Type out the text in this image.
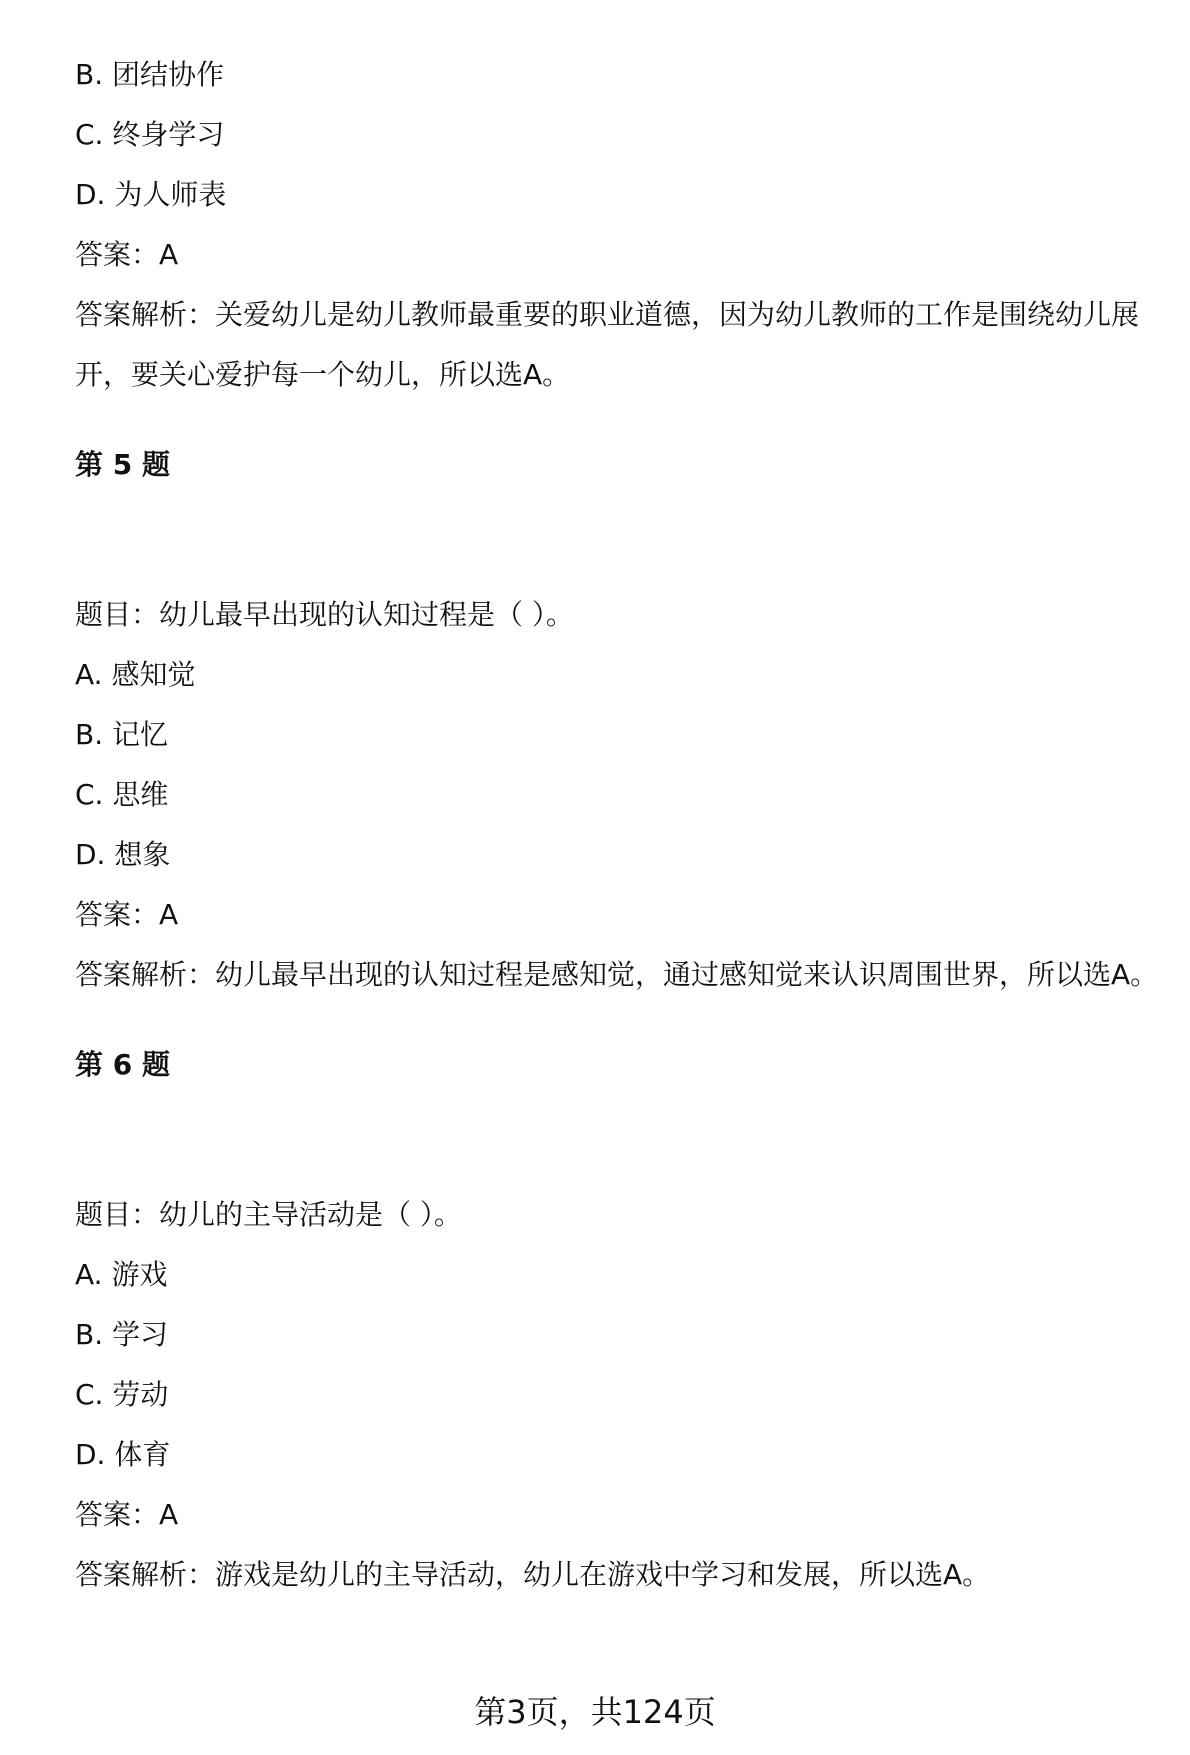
B. 团结协作
C. 终身学习
D. 为人师表
答案：A
答案解析：关爱幼儿是幼儿教师最重要的职业道德，因为幼儿教师的工作是围绕幼儿展开，要关心爱护每一个幼儿，所以选A。
第 5 题
题目：幼儿最早出现的认知过程是（ ）。
A. 感知觉
B. 记忆
C. 思维
D. 想象
答案：A
答案解析：幼儿最早出现的认知过程是感知觉，通过感知觉来认识周围世界，所以选A。
第 6 题
题目：幼儿的主导活动是（ ）。
A. 游戏
B. 学习
C. 劳动
D. 体育
答案：A
答案解析：游戏是幼儿的主导活动，幼儿在游戏中学习和发展，所以选A。
第3页，共124页
